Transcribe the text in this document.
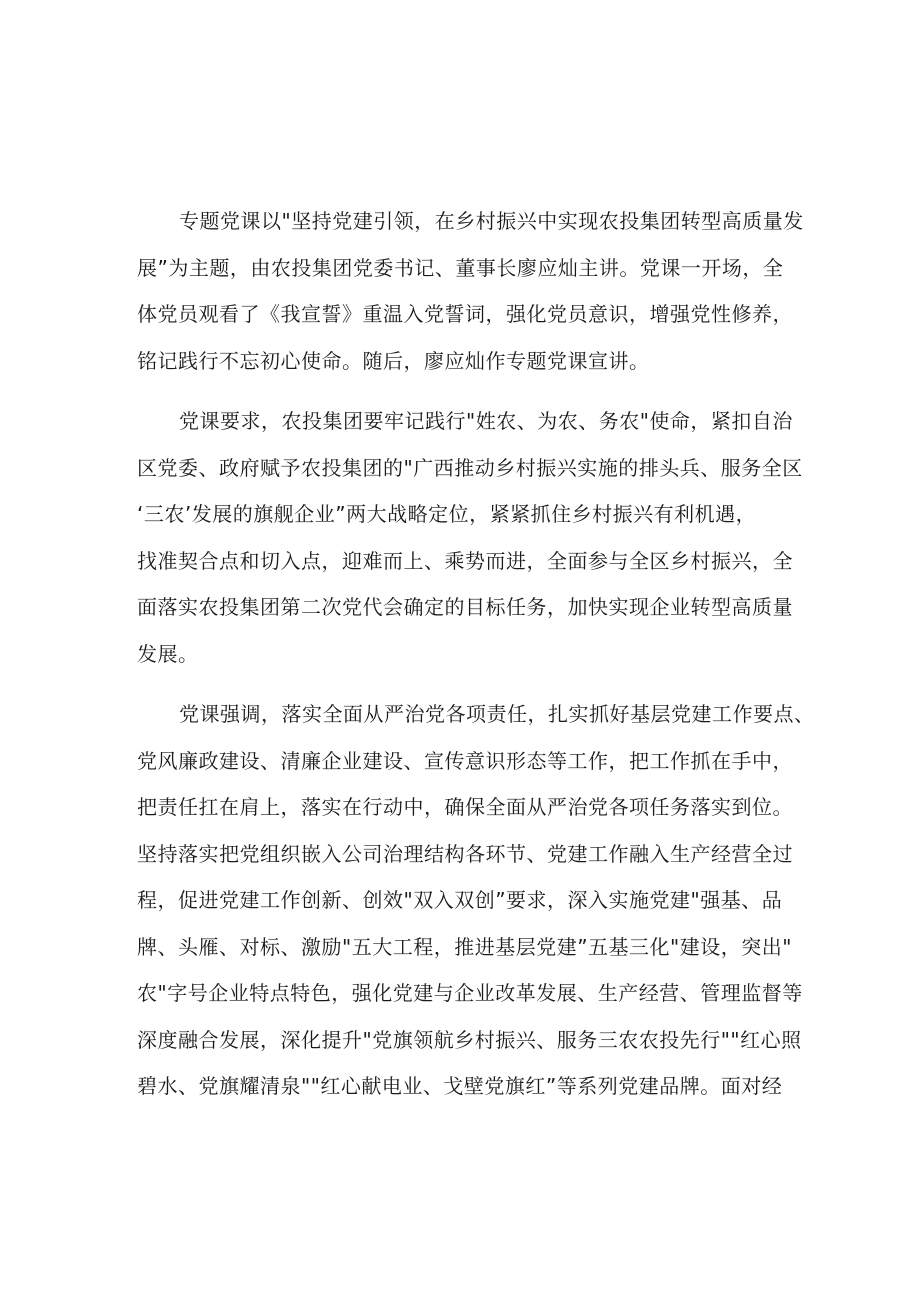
专题党课以"坚持党建引领，在乡村振兴中实现农投集团转型高质量发
展”为主题，由农投集团党委书记、董事长廖应灿主讲。党课一开场，全
体党员观看了《我宣誓》重温入党誓词，强化党员意识，增强党性修养，
铭记践行不忘初心使命。随后，廖应灿作专题党课宣讲。
党课要求，农投集团要牢记践行"姓农、为农、务农"使命，紧扣自治
区党委、政府赋予农投集团的"广西推动乡村振兴实施的排头兵、服务全区
‘三农’发展的旗舰企业”两大战略定位，紧紧抓住乡村振兴有利机遇，
找准契合点和切入点，迎难而上、乘势而进，全面参与全区乡村振兴，全
面落实农投集团第二次党代会确定的目标任务，加快实现企业转型高质量
发展。
党课强调，落实全面从严治党各项责任，扎实抓好基层党建工作要点、
党风廉政建设、清廉企业建设、宣传意识形态等工作，把工作抓在手中，
把责任扛在肩上，落实在行动中，确保全面从严治党各项任务落实到位。
坚持落实把党组织嵌入公司治理结构各环节、党建工作融入生产经营全过
程，促进党建工作创新、创效"双入双创”要求，深入实施党建"强基、品
牌、头雁、对标、激励"五大工程，推进基层党建”五基三化"建设，突出"
农"字号企业特点特色，强化党建与企业改革发展、生产经营、管理监督等
深度融合发展，深化提升"党旗领航乡村振兴、服务三农农投先行""红心照
碧水、党旗耀清泉""红心献电业、戈壁党旗红”等系列党建品牌。面对经
